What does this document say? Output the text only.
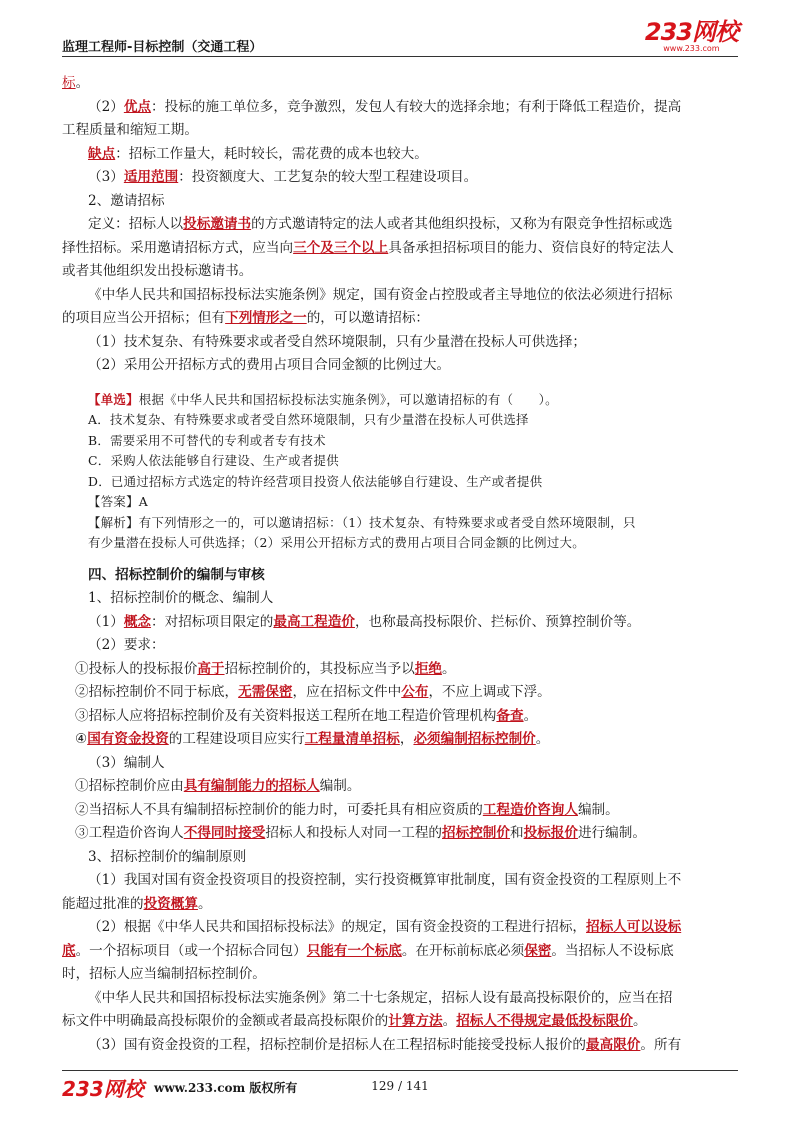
监理工程师-目标控制（交通工程）
233网校
www.233.com
标。
（2）优点：投标的施工单位多，竞争激烈，发包人有较大的选择余地；有利于降低工程造价，提高
工程质量和缩短工期。
缺点：招标工作量大，耗时较长，需花费的成本也较大。
（3）适用范围：投资额度大、工艺复杂的较大型工程建设项目。
2、邀请招标
定义：招标人以投标邀请书的方式邀请特定的法人或者其他组织投标，又称为有限竞争性招标或选
择性招标。采用邀请招标方式，应当向三个及三个以上具备承担招标项目的能力、资信良好的特定法人
或者其他组织发出投标邀请书。
《中华人民共和国招标投标法实施条例》规定，国有资金占控股或者主导地位的依法必须进行招标
的项目应当公开招标；但有下列情形之一的，可以邀请招标：
（1）技术复杂、有特殊要求或者受自然环境限制，只有少量潜在投标人可供选择；
（2）采用公开招标方式的费用占项目合同金额的比例过大。
【单选】根据《中华人民共和国招标投标法实施条例》，可以邀请招标的有（　　）。
A．技术复杂、有特殊要求或者受自然环境限制，只有少量潜在投标人可供选择
B．需要采用不可替代的专利或者专有技术
C．采购人依法能够自行建设、生产或者提供
D．已通过招标方式选定的特许经营项目投资人依法能够自行建设、生产或者提供
【答案】A
【解析】有下列情形之一的，可以邀请招标：（1）技术复杂、有特殊要求或者受自然环境限制，只
有少量潜在投标人可供选择；（2）采用公开招标方式的费用占项目合同金额的比例过大。
四、招标控制价的编制与审核
1、招标控制价的概念、编制人
（1）概念：对招标项目限定的最高工程造价，也称最高投标限价、拦标价、预算控制价等。
（2）要求：
①投标人的投标报价高于招标控制价的，其投标应当予以拒绝。
②招标控制价不同于标底，无需保密，应在招标文件中公布，不应上调或下浮。
③招标人应将招标控制价及有关资料报送工程所在地工程造价管理机构备查。
④国有资金投资的工程建设项目应实行工程量清单招标，必须编制招标控制价。
（3）编制人
①招标控制价应由具有编制能力的招标人编制。
②当招标人不具有编制招标控制价的能力时，可委托具有相应资质的工程造价咨询人编制。
③工程造价咨询人不得同时接受招标人和投标人对同一工程的招标控制价和投标报价进行编制。
3、招标控制价的编制原则
（1）我国对国有资金投资项目的投资控制，实行投资概算审批制度，国有资金投资的工程原则上不
能超过批准的投资概算。
（2）根据《中华人民共和国招标投标法》的规定，国有资金投资的工程进行招标，招标人可以设标
底。一个招标项目（或一个招标合同包）只能有一个标底。在开标前标底必须保密。当招标人不设标底
时，招标人应当编制招标控制价。
《中华人民共和国招标投标法实施条例》第二十七条规定，招标人设有最高投标限价的，应当在招
标文件中明确最高投标限价的金额或者最高投标限价的计算方法。招标人不得规定最低投标限价。
（3）国有资金投资的工程，招标控制价是招标人在工程招标时能接受投标人报价的最高限价。所有
233网校 www.233.com 版权所有	129 / 141
